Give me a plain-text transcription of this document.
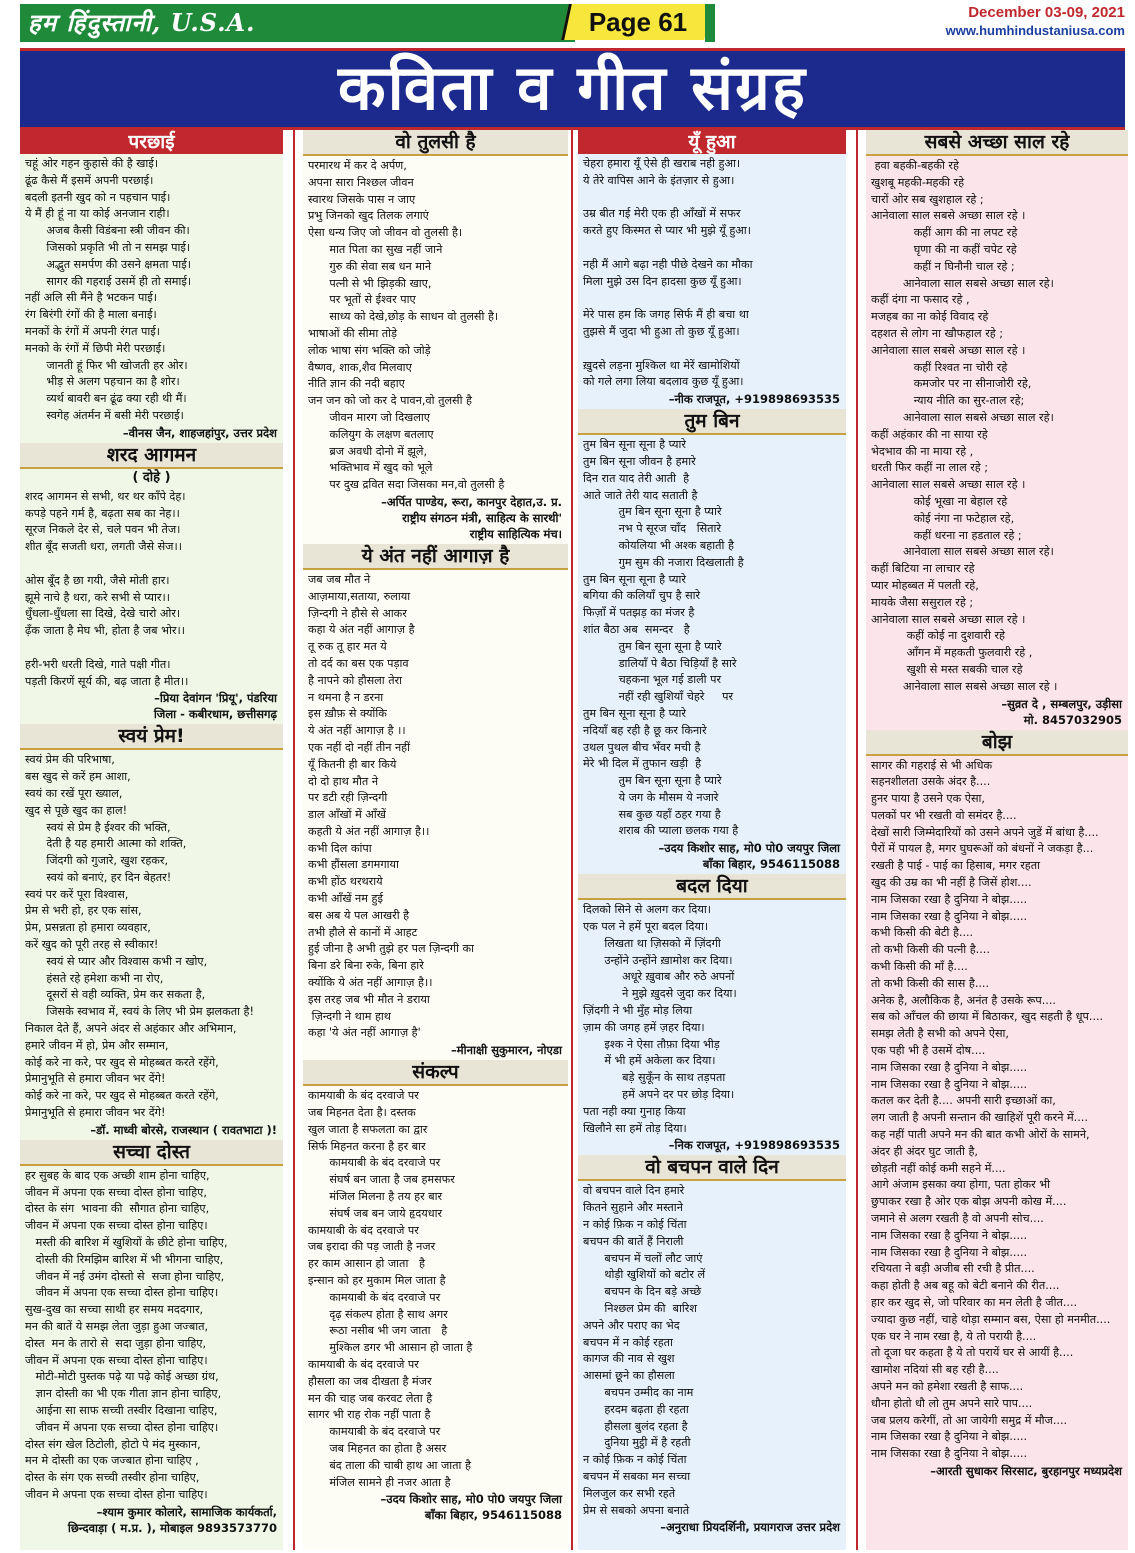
हम हिंदुस्तानी, U.S.A.	Page 61	December 03-09, 2021
www.humhindustaniusa.com
कविता व गीत संग्रह
परछाई
चहूं ओर गहन कुहासे की है खाई।
ढूंढ कैसे मैं इसमें अपनी परछाई।
बदली इतनी खुद को न पहचान पाई।
ये मैं ही हूं ना या कोई अनजान राही।
अजब कैसी विडंबना स्त्री जीवन की।
जिसको प्रकृति भी तो न समझ पाई।
अद्भुत समर्पण की उसने क्षमता पाई।
सागर की गहराई उसमें ही तो समाई।
नहीं अलि सी मैंने है भटकन पाई।
रंग बिरंगी रंगों की है माला बनाई।
मनकों के रंगों में अपनी रंगत पाई।
मनको के रंगों में छिपी मेरी परछाई।
जानती हूं फिर भी खोजती हर ओर।
भीड़ से अलग पहचान का है शोर।
व्यर्थ बावरी बन ढूंढ क्या रही थी मैं।
स्वगेह अंतर्मन में बसी मेरी परछाई।
–वीनस जैन, शाहजहांपुर, उत्तर प्रदेश
शरद आगमन
( दोहे )
शरद आगमन से सभी, थर थर काँपे देह।
कपड़े पहने गर्म है, बढ़ता सब का नेह।।
सूरज निकले देर से, चले पवन भी तेज।
शीत बूँद सजती धरा, लगती जैसे सेज।।

ओस बूँद है छा गयी, जैसे मोती हार।
झूमे नाचे है धरा, करे सभी से प्यार।।
धुँधला-धुँधला सा दिखे, देखे चारो ओर।
ढ़ँक जाता है मेघ भी, होता है जब भोर।।

हरी-भरी धरती दिखे, गाते पक्षी गीत।
पड़ती किरणें सूर्य की, बढ़ जाता है मीत।।
–प्रिया देवांगन 'प्रियू', पंडरिया
जिला - कबीरधाम, छत्तीसगढ़
स्वयं प्रेम!
स्वयं प्रेम की परिभाषा,
बस खुद से करें हम आशा,
स्वयं का रखें पूरा ख्याल,
खुद से पूछे खुद का हाल!
स्वयं से प्रेम है ईश्वर की भक्ति,
देती है यह हमारी आत्मा को शक्ति,
जिंदगी को गुजारे, खुश रहकर,
स्वयं को बनाएं, हर दिन बेहतर!
स्वयं पर करें पूरा विश्वास,
प्रेम से भरी हो, हर एक सांस,
प्रेम, प्रसन्नता हो हमारा व्यवहार,
करें खुद को पूरी तरह से स्वीकार!
स्वयं से प्यार और विश्वास कभी न खोए,
हंसते रहे हमेशा कभी ना रोए,
दूसरों से वही व्यक्ति, प्रेम कर सकता है,
जिसके स्वभाव में, स्वयं के लिए भी प्रेम झलकता है!
निकाल देते हैं, अपने अंदर से अहंकार और अभिमान,
हमारे जीवन में हो, प्रेम और सम्मान,
कोई करे ना करे, पर खुद से मोहब्बत करते रहेंगे,
प्रेमानुभूति से हमारा जीवन भर देंगे!
कोई करे ना करे, पर खुद से मोहब्बत करते रहेंगे,
प्रेमानुभूति से हमारा जीवन भर देंगे!
–डॉ. माध्वी बोरसे, राजस्थान ( रावतभाटा )!
सच्चा दोस्त
हर सुबह के बाद एक अच्छी शाम होना चाहिए,
जीवन में अपना एक सच्चा दोस्त होना चाहिए,
दोस्त के संग  भावना की  सौगात होना चाहिए,
जीवन में अपना एक सच्चा दोस्त होना चाहिए।
मस्ती की बारिश में खुशियों के छीटे होना चाहिए,
दोस्ती की रिमझिम बारिश में भी भीगना चाहिए,
जीवन में नई उमंग दोस्तो से  सजा होना चाहिए,
जीवन में अपना एक सच्चा दोस्त होना चाहिए।
सुख-दुख का सच्चा साथी हर समय मददगार,
मन की बातें ये समझ लेता जुड़ा हुआ जज्बात,
दोस्त  मन के तारो से  सदा जुड़ा होना चाहिए,
जीवन में अपना एक सच्चा दोस्त होना चाहिए।
मोटी-मोटी पुस्तक पढ़े या पढ़े कोई अच्छा ग्रंथ,
ज्ञान दोस्ती का भी एक गीता ज्ञान होना चाहिए,
आईना सा साफ सच्ची तस्वीर दिखाना चाहिए,
जीवन में अपना एक सच्चा दोस्त होना चाहिए।
दोस्त संग खेल ठिटोली, होटो पे मंद मुस्कान,
मन मे दोस्ती का एक जज्बात होना चाहिए ,
दोस्त के संग एक सच्ची तस्वीर होना चाहिए,
जीवन मे अपना एक सच्चा दोस्त होना चाहिए।
–श्याम कुमार कोलारे, सामाजिक कार्यकर्ता,
छिन्दवाड़ा ( म.प्र. ), मोबाइल 9893573770
वो तुलसी है
परमारथ में कर दे अर्पण,
अपना सारा निश्छल जीवन
स्वारथ जिसके पास न जाए
प्रभु जिनको खुद तिलक लगाएं
ऐसा धन्य जिए जो जीवन वो तुलसी है।
मात पिता का सुख नहीं जाने
गुरु की सेवा सब धन माने
पत्नी से भी झिड़की खाए,
पर भूतों से ईश्वर पाए
साध्य को देखे,छोड़ के साधन वो तुलसी है।
भाषाओं की सीमा तोड़े
लोक भाषा संग भक्ति को जोड़े
वैष्णव, शाक,शैव मिलवाए
नीति ज्ञान की नदी बहाए
जन जन को जो कर दे पावन,वो तुलसी है
जीवन मारग जो दिखलाए
कलियुग के लक्षण बतलाए
ब्रज अवधी दोनो में झूले,
भक्तिभाव में खुद को भूले
पर दुख द्रवित सदा जिसका मन,वो तुलसी है
–अर्पित पाण्डेय, रूरा, कानपुर देहात,उ. प्र.
राष्ट्रीय संगठन मंत्री, साहित्य के सारथी'
राष्ट्रीय साहित्यिक मंच।
ये अंत नहीं आगाज़ है
जब जब मौत ने
आज़माया,सताया, रुलाया
ज़िन्दगी ने हौसे से आकर
कहा ये अंत नहीं आगाज़ है
तू रुक तू हार मत ये
तो दर्द का बस एक पड़ाव
है नापने को हौसला तेरा
न थमना है न डरना
इस ख़ौफ़ से क्योंकि
ये अंत नहीं आगाज़ है ।।
एक नहीं दो नहीं तीन नहीं
यूँ कितनी ही बार किये
दो दो हाथ मौत ने
पर डटी रही ज़िन्दगी
डाल आँखों में आँखें
कहती ये अंत नहीं आगाज़ है।।
कभी दिल कांपा
कभी हौंसला डगमगाया
कभी होंठ थरथराये
कभी आँखें नम हुई
बस अब ये पल आखरी है
तभी हौले से कानों में आहट
हुई जीना है अभी तुझे हर पल ज़िन्दगी का
बिना डरे बिना रुके, बिना हारे
क्योंकि ये अंत नहीं आगाज़ है।।
इस तरह जब भी मौत ने डराया
ज़िन्दगी ने थाम हाथ
कहा 'ये अंत नहीं आगाज़ है'
–मीनाक्षी सुकुमारन, नोएडा
संकल्प
कामयाबी के बंद दरवाजे पर
जब मिहनत देता है। दस्तक
खुल जाता है सफलता का द्वार
सिर्फ मिहनत करना है हर बार
कामयाबी के बंद दरवाजे पर
संघर्ष बन जाता है जब हमसफर
मंजिल मिलना है तय हर बार
संघर्ष जब बन जाये हृदयधार
कामयाबी के बंद दरवाजे पर
जब इरादा की पड़ जाती है नजर
हर काम आसान हो जाता   है
इन्सान को हर मुकाम मिल जाता है
कामयाबी के बंद दरवाजे पर
दृढ़ संकल्प होता है साथ अगर
रूठा नसीब भी जग जाता   है
मुश्किल डगर भी आसान हो जाता है
कामयाबी के बंद दरवाजे पर
हौसला का जब दीखता है मंजर
मन की चाह जब करवट लेता है
सागर भी राह रोक नहीं पाता है
कामयाबी के बंद दरवाजे पर
जब मिहनत का होता है असर
बंद ताला की चाबी हाथ आ जाता है
मंजिल सामने ही नजर आता है
–उदय किशोर साह, मो0 पो0 जयपुर जिला
बाँका बिहार, 9546115088
यूँ हुआ
चेहरा हमारा यूँ ऐसे ही खराब नही हुआ।
ये तेरे वापिस आने के इंतज़ार से हुआ।

उम्र बीत गई मेरी एक ही आँखों में सफर
करते हुए किस्मत से प्यार भी मुझे यूँ हुआ।

नही मैं आगे बढ़ा नही पीछे देखने का मौका
मिला मुझे उस दिन हादसा कुछ यूँ हुआ।

मेरे पास हम कि जगह सिर्फ मैं ही बचा था
तुझसे मैं जुदा भी हुआ तो कुछ यूँ हुआ।

ख़ुदसे लड़ना मुश्किल था मेरें खामोशियों
को गले लगा लिया बदलाव कुछ यूँ हुआ।
–नीक राजपूत, +919898693535
तुम बिन
तुम बिन सूना सूना है प्यारे
तुम बिन सूना जीवन है हमारे
दिन रात याद तेरी आती  है
आते जाते तेरी याद सताती है
तुम बिन सूना सूना है प्यारे
नभ पे सूरज चाँद   सितारे
कोयलिया भी अश्क बहाती है
गुम सुम की नजारा दिखलाती है
तुम बिन सूना सूना है प्यारे
बगिया की कलियाँ चुप है सारे
फिज़ाँ में पतझड़ का मंजर है
शांत बैठा अब  समन्दर   है
तुम बिन सूना सूना है प्यारे
डालियाँ पे बैठा चिड़ियाँ है सारे
चहकना भूल गई डाली पर
नहीं रही खुशियाँ चेहरे     पर
तुम बिन सूना सूना है प्यारे
नदियाँ बह रही है छू कर किनारे
उथल पुथल बीच भँवर मची है
मेरे भी दिल में तुफान खड़ी  है
तुम बिन सूना सूना है प्यारे
ये जग के मौसम ये नजारे
सब कुछ यहाँ ठहर गया है
शराब की प्याला छलक गया है
–उदय किशोर साह, मो0 पो0 जयपुर जिला
बाँका बिहार, 9546115088
बदल दिया
दिलको सिने से अलग कर दिया।
एक पल ने हमें पूरा बदल दिया।
लिखता था ज़िसको में ज़िंदगी
उन्होंने उन्होंने ख़ामोश कर दिया।
अधूरे ख़ुवाब और रुठे अपनों
ने मुझे ख़ुदसे जुदा कर दिया।
ज़िंदगी ने भी मुँह मोड़ लिया
ज़ाम की जगह हमें ज़हर दिया।
इश्क ने ऐसा तौफ़ा दिया भीड़
में भी हमें अकेला कर दिया।
बड़े सुकूँन के साथ तड़पता
हमें अपने दर पर छोड़ दिया।
पता नही क्या गुनाह किया
खिलौने सा हमें तोड़ दिया।
–निक राजपूत, +919898693535
वो बचपन वाले दिन
वो बचपन वाले दिन हमारे
कितने सुहाने और मस्ताने
न कोई फ़िक न कोई चिंता
बचपन की बातें हैं निराली
बचपन में चलों लौट जाएं
थोड़ी खुशियों को बटोर लें
बचपन के दिन बड़े अच्छे
निश्छल प्रेम की  बारिश
अपने और पराए का भेद
बचपन में न कोई रहता
कागज की नाव से खुश
आसमां छूने का हौसला
बचपन उम्मीद का नाम
हरदम बढ़ता ही रहता
हौसला बुलंद रहता है
दुनिया मुट्ठी में है रहती
न कोई फ़िक न कोई चिंता
बचपन में सबका मन सच्चा
मिलजुल कर सभी रहते
प्रेम से सबको अपना बनाते
–अनुराधा प्रियदर्शिनी, प्रयागराज उत्तर प्रदेश
सबसे अच्छा साल रहे
हवा बहकी-बहकी रहे
खुशबू महकी-महकी रहे
चारों ओर सब खुशहाल रहे ;
आनेवाला साल सबसे अच्छा साल रहे ।
कहीं आग की ना लपट रहे
घृणा की ना कहीं चपेट रहे
कहीं न घिनौनी चाल रहे ;
आनेवाला साल सबसे अच्छा साल रहे।
कहीं दंगा ना फसाद रहे ,
मजहब का ना कोई विवाद रहे
दहशत से लोग ना खौफहाल रहे ;
आनेवाला साल सबसे अच्छा साल रहे ।
कहीं रिश्वत ना चोरी रहे
कमजोर पर ना सीनाजोरी रहे,
न्याय नीति का सुर-ताल रहे;
आनेवाला साल सबसे अच्छा साल रहे।
कहीं अहंकार की ना साया रहे
भेदभाव की ना माया रहे ,
धरती फिर कहीं ना लाल रहे ;
आनेवाला साल सबसे अच्छा साल रहे ।
कोई भूखा ना बेहाल रहे
कोई नंगा ना फटेहाल रहे,
कहीं धरना ना हडताल रहे ;
आनेवाला साल सबसे अच्छा साल रहे।
कहीं बिटिया ना लाचार रहे
प्यार मोहब्बत में पलती रहे,
मायके जैसा ससुराल रहे ;
आनेवाला साल सबसे अच्छा साल रहे ।
कहीं कोई ना दुशवारी रहे
आँगन में महकती फुलवारी रहे ,
खुशी से मस्त सबकी चाल रहे
आनेवाला साल सबसे अच्छा साल रहे ।
–सुव्रत दे , सम्बलपुर, उड़ीसा
मो. 8457032905
बोझ
सागर की गहराई से भी अधिक
सहनशीलता उसके अंदर है....
हुनर पाया है उसने एक ऐसा,
पलकों पर भी रखती वो समंदर है....
देखों सारी जिम्मेदारियों को उसने अपने जुडें में बांधा है....
पैरों में पायल है, मगर घुघरूओं को बंधनों ने जकड़ा है...
रखती है पाई - पाई का हिसाब, मगर रहता
खुद की उम्र का भी नहीं है जिसें होश....
नाम जिसका रखा है दुनिया ने बोझ.....
नाम जिसका रखा है दुनिया ने बोझ.....
कभी किसी की बेटी है....
तो कभी किसी की पत्नी है....
कभी किसी की माँ है....
तो कभी किसी की सास है....
अनेक है, अलौकिक है, अनंत है उसके रूप....
सब को आँचल की छाया में बिठाकर, खुद सहती है धूप....
समझ लेती है सभी को अपने ऐसा,
एक पही भी है उसमें दोष....
नाम जिसका रखा है दुनिया ने बोझ.....
नाम जिसका रखा है दुनिया ने बोझ.....
कतल कर देती है.... अपनी सारी इच्छाओं का,
लग जाती है अपनी सन्तान की खाहिशें पूरी करने में....
कह नहीं पाती अपने मन की बात कभी ओरों के सामने,
अंदर ही अंदर घुट जाती है,
छोड़ती नहीं कोई कमी सहने में....
आगे अंजाम इसका क्या होगा, पता होकर भी
छुपाकर रखा है ओर एक बोझ अपनी कोख में....
जमाने से अलग रखती है वो अपनी सोच....
नाम जिसका रखा है दुनिया ने बोझ.....
नाम जिसका रखा है दुनिया ने बोझ.....
रचियता ने बड़ी अजीब सी रची है प्रीत....
कहा होती है अब बहू को बेटी बनाने की रीत....
हार कर खुद से, जो परिवार का मन लेती है जीत....
ज्यादा कुछ नहीं, चाहे थोड़ा सम्मान बस, ऐसा हो मनमीत....
एक घर ने नाम रखा है, ये तो परायी है....
तो दूजा घर कहता है ये तो परायें घर से आयीं है....
खामोश नदियां सी बह रही है....
अपने मन को हमेशा रखती है साफ....
धौना होतो धौ लो तुम अपने सारे पाप....
जब प्रलय करेगीं, तो आ जायेगी समुद्र में मौज....
नाम जिसका रखा है दुनिया ने बोझ.....
नाम जिसका रखा है दुनिया ने बोझ.....
–आरती सुधाकर सिरसाट, बुरहानपुर मध्यप्रदेश
